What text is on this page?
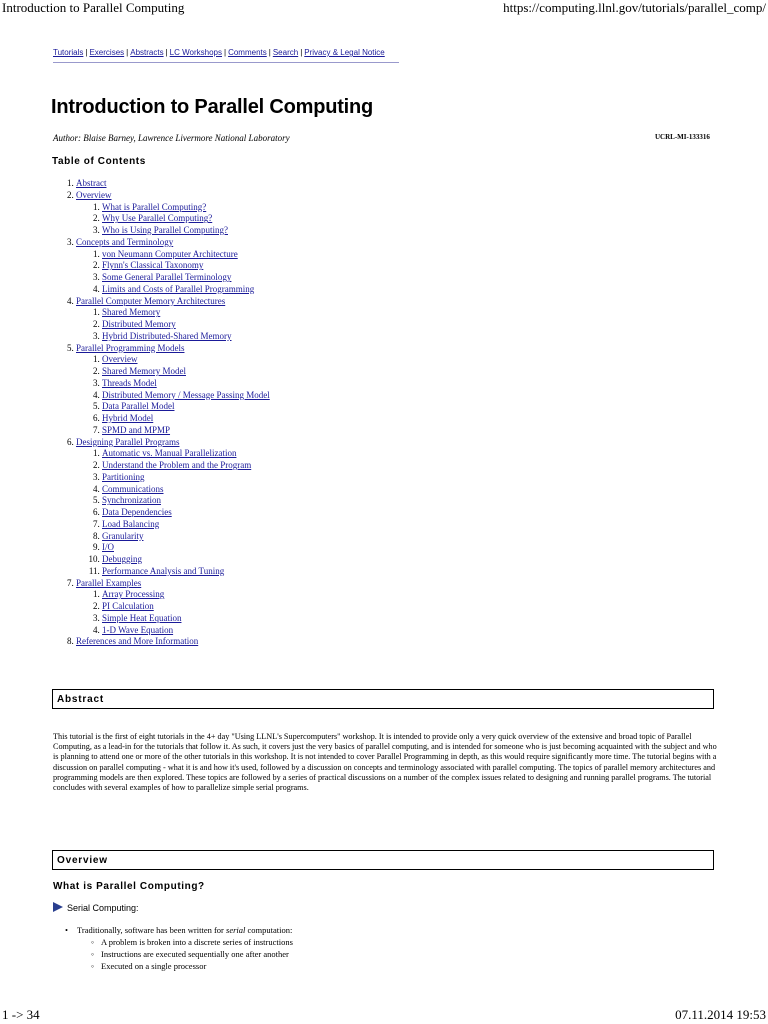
Introduction to Parallel Computing	https://computing.llnl.gov/tutorials/parallel_comp/
Tutorials | Exercises | Abstracts | LC Workshops | Comments | Search | Privacy & Legal Notice
Introduction to Parallel Computing
Author: Blaise Barney, Lawrence Livermore National Laboratory	UCRL-MI-133316
Table of Contents
1. Abstract
2. Overview
1. What is Parallel Computing?
2. Why Use Parallel Computing?
3. Who is Using Parallel Computing?
3. Concepts and Terminology
1. von Neumann Computer Architecture
2. Flynn's Classical Taxonomy
3. Some General Parallel Terminology
4. Limits and Costs of Parallel Programming
4. Parallel Computer Memory Architectures
1. Shared Memory
2. Distributed Memory
3. Hybrid Distributed-Shared Memory
5. Parallel Programming Models
1. Overview
2. Shared Memory Model
3. Threads Model
4. Distributed Memory / Message Passing Model
5. Data Parallel Model
6. Hybrid Model
7. SPMD and MPMP
6. Designing Parallel Programs
1. Automatic vs. Manual Parallelization
2. Understand the Problem and the Program
3. Partitioning
4. Communications
5. Synchronization
6. Data Dependencies
7. Load Balancing
8. Granularity
9. I/O
10. Debugging
11. Performance Analysis and Tuning
7. Parallel Examples
1. Array Processing
2. PI Calculation
3. Simple Heat Equation
4. 1-D Wave Equation
8. References and More Information
Abstract
This tutorial is the first of eight tutorials in the 4+ day "Using LLNL's Supercomputers" workshop. It is intended to provide only a very quick overview of the extensive and broad topic of Parallel Computing, as a lead-in for the tutorials that follow it. As such, it covers just the very basics of parallel computing, and is intended for someone who is just becoming acquainted with the subject and who is planning to attend one or more of the other tutorials in this workshop. It is not intended to cover Parallel Programming in depth, as this would require significantly more time. The tutorial begins with a discussion on parallel computing - what it is and how it's used, followed by a discussion on concepts and terminology associated with parallel computing. The topics of parallel memory architectures and programming models are then explored. These topics are followed by a series of practical discussions on a number of the complex issues related to designing and running parallel programs. The tutorial concludes with several examples of how to parallelize simple serial programs.
Overview
What is Parallel Computing?
Serial Computing:
• Traditionally, software has been written for serial computation:
◦ A problem is broken into a discrete series of instructions
◦ Instructions are executed sequentially one after another
◦ Executed on a single processor
1 -> 34	07.11.2014 19:53
